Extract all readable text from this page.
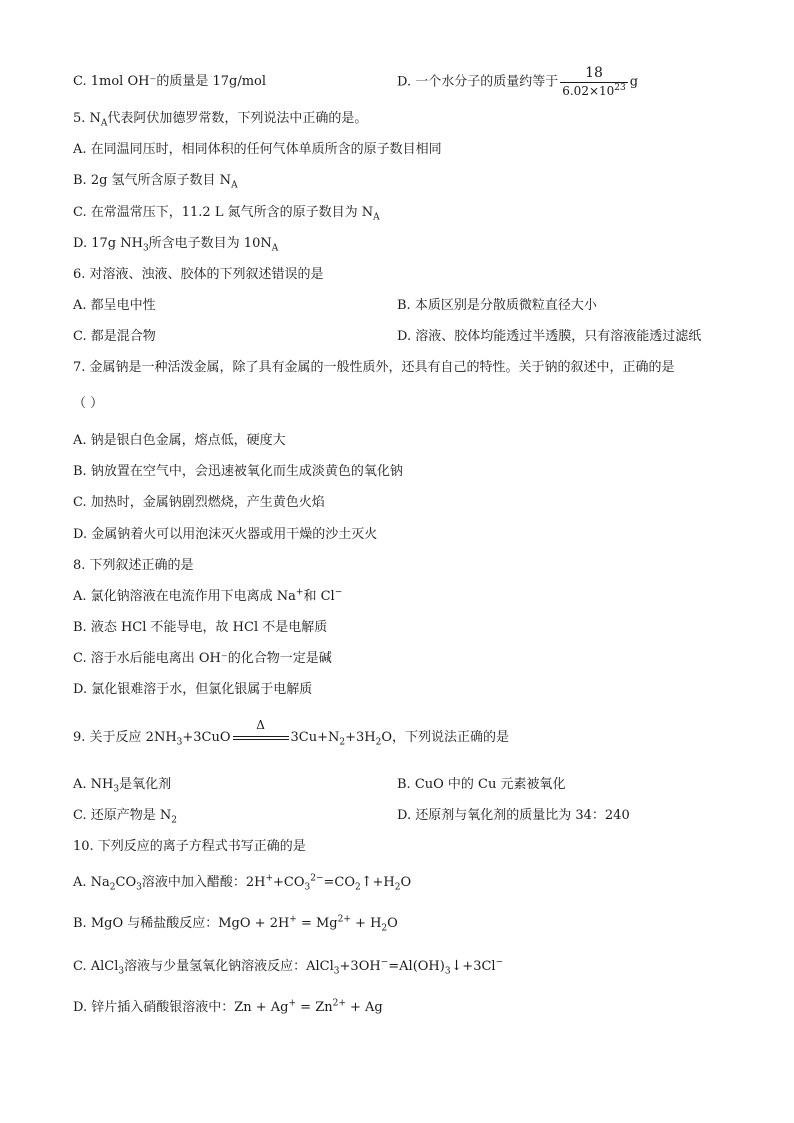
C. 1mol OH⁻的质量是 17g/mol	D. 一个水分子的质量约等于 $\frac{18}{6.02\times 10^{23}}$ g
5. $N_A$代表阿伏加德罗常数，下列说法中正确的是。
A. 在同温同压时，相同体积的任何气体单质所含的原子数目相同
B. 2g 氢气所含原子数目 $N_A$
C. 在常温常压下，11.2 L 氮气所含的原子数目为 $N_A$
D. 17g $NH_3$所含电子数目为 $10N_A$
6. 对溶液、浊液、胶体的下列叙述错误的是
A. 都呈电中性	B. 本质区别是分散质微粒直径大小
C. 都是混合物	D. 溶液、胶体均能透过半透膜，只有溶液能透过滤纸
7. 金属钠是一种活泼金属，除了具有金属的一般性质外，还具有自己的特性。关于钠的叙述中，正确的是
（ ）
A. 钠是银白色金属，熔点低，硬度大
B. 钠放置在空气中，会迅速被氧化而生成淡黄色的氧化钠
C. 加热时，金属钠剧烈燃烧，产生黄色火焰
D. 金属钠着火可以用泡沫灭火器或用干燥的沙土灭火
8. 下列叙述正确的是
A. 氯化钠溶液在电流作用下电离成 Na+和 Cl−
B. 液态 HCl 不能导电，故 HCl 不是电解质
C. 溶于水后能电离出 OH⁻的化合物一定是碱
D. 氯化银难溶于水，但氯化银属于电解质
9. 关于反应 $2NH_3+3CuO$
Δ
$3Cu+N_2+3H_2O$，下列说法正确的是
A. $NH_3$是氧化剂	B. CuO 中的 Cu 元素被氧化
C. 还原产物是 $N_2$	D. 还原剂与氧化剂的质量比为 34：240
10. 下列反应的离子方程式书写正确的是
A. $Na_2CO_3$溶液中加入醋酸：$2H^++CO_3^{2-}=CO_2↑+H_2O$
B. MgO 与稀盐酸反应：MgO + $2H^+ = Mg^{2+} + H_2O$
C. AlCl$_3$溶液与少量氢氧化钠溶液反应：$AlCl_3+3OH^-=Al(OH)_3↓+3Cl^-$
D. 锌片插入硝酸银溶液中：$Zn + Ag^+ = Zn^{2+} + Ag$
